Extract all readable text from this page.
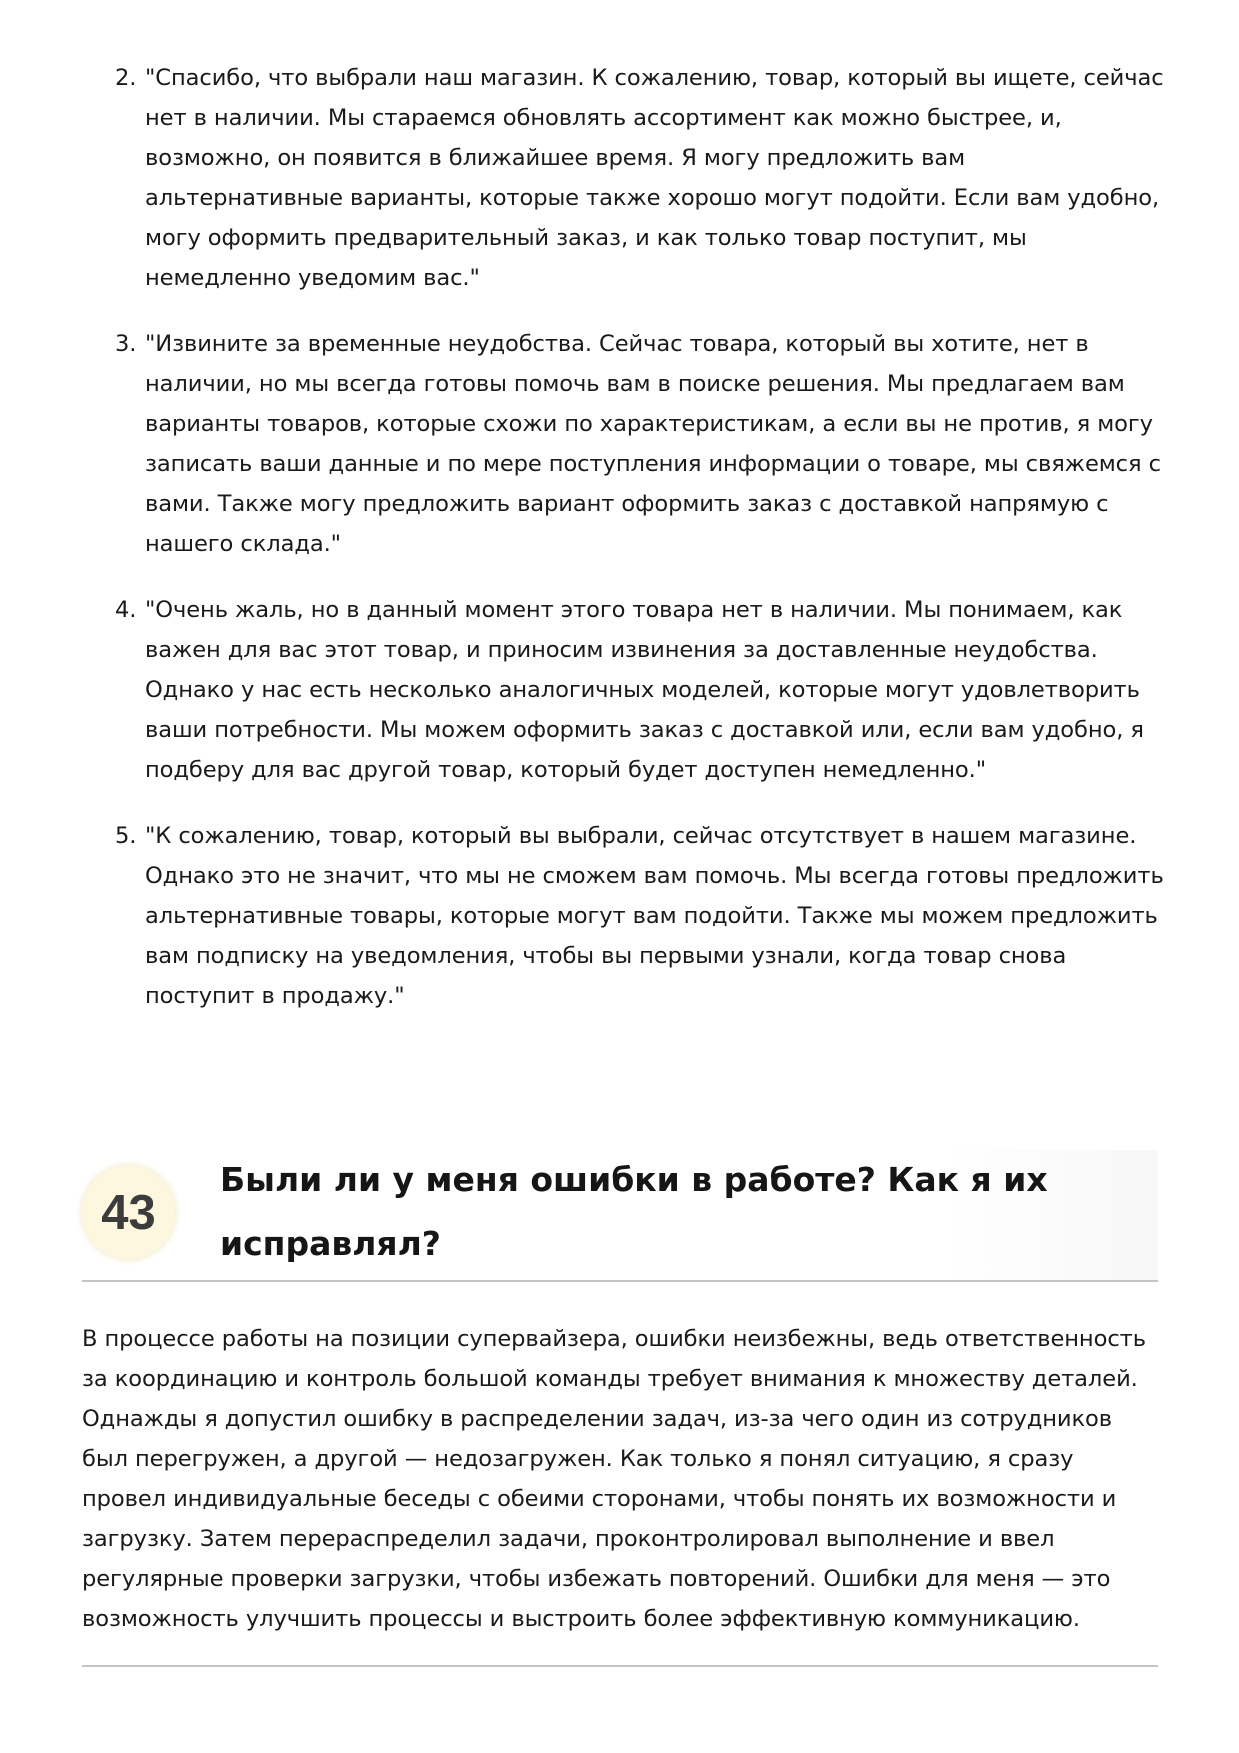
2. "Спасибо, что выбрали наш магазин. К сожалению, товар, который вы ищете, сейчас нет в наличии. Мы стараемся обновлять ассортимент как можно быстрее, и, возможно, он появится в ближайшее время. Я могу предложить вам альтернативные варианты, которые также хорошо могут подойти. Если вам удобно, могу оформить предварительный заказ, и как только товар поступит, мы немедленно уведомим вас."
3. "Извините за временные неудобства. Сейчас товара, который вы хотите, нет в наличии, но мы всегда готовы помочь вам в поиске решения. Мы предлагаем вам варианты товаров, которые схожи по характеристикам, а если вы не против, я могу записать ваши данные и по мере поступления информации о товаре, мы свяжемся с вами. Также могу предложить вариант оформить заказ с доставкой напрямую с нашего склада."
4. "Очень жаль, но в данный момент этого товара нет в наличии. Мы понимаем, как важен для вас этот товар, и приносим извинения за доставленные неудобства. Однако у нас есть несколько аналогичных моделей, которые могут удовлетворить ваши потребности. Мы можем оформить заказ с доставкой или, если вам удобно, я подберу для вас другой товар, который будет доступен немедленно."
5. "К сожалению, товар, который вы выбрали, сейчас отсутствует в нашем магазине. Однако это не значит, что мы не сможем вам помочь. Мы всегда готовы предложить альтернативные товары, которые могут вам подойти. Также мы можем предложить вам подписку на уведомления, чтобы вы первыми узнали, когда товар снова поступит в продажу."
43
Были ли у меня ошибки в работе? Как я их исправлял?

В процессе работы на позиции супервайзера, ошибки неизбежны, ведь ответственность за координацию и контроль большой команды требует внимания к множеству деталей. Однажды я допустил ошибку в распределении задач, из-за чего один из сотрудников был перегружен, а другой — недозагружен. Как только я понял ситуацию, я сразу провел индивидуальные беседы с обеими сторонами, чтобы понять их возможности и загрузку. Затем перераспределил задачи, проконтролировал выполнение и ввел регулярные проверки загрузки, чтобы избежать повторений. Ошибки для меня — это возможность улучшить процессы и выстроить более эффективную коммуникацию.
